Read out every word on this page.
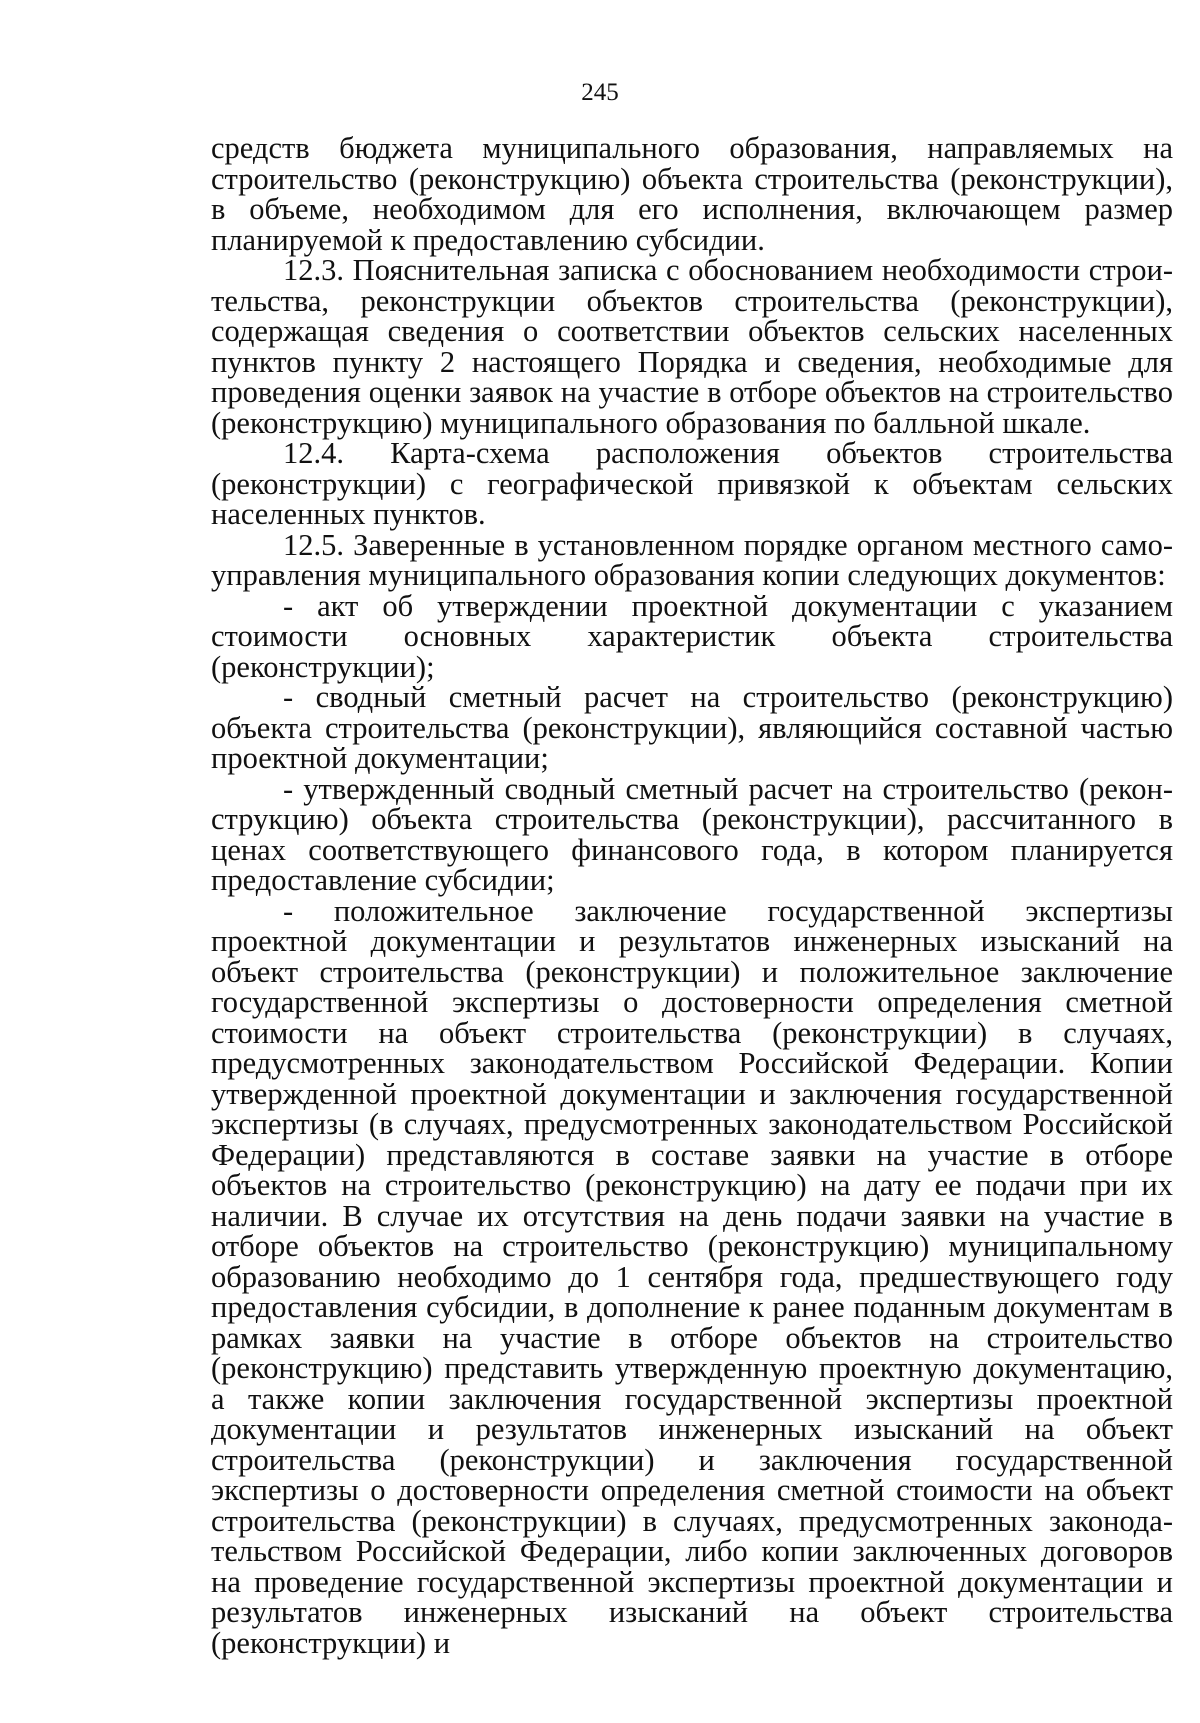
245

средств бюджета муниципального образования, направляемых на строительство (реконструкцию) объекта строительства (реконструкции), в объеме, необходимом для его исполнения, включающем размер планируемой к предоставлению субсидии.

12.3. Пояснительная записка с обоснованием необходимости строительства, реконструкции объектов строительства (реконструкции), содержащая сведения о соответствии объектов сельских населенных пунктов пункту 2 настоящего Порядка и сведения, необходимые для проведения оценки заявок на участие в отборе объектов на строительство (реконструкцию) муниципального образования по балльной шкале.

12.4. Карта-схема расположения объектов строительства (реконструкции) с географической привязкой к объектам сельских населенных пунктов.

12.5. Заверенные в установленном порядке органом местного самоуправления муниципального образования копии следующих документов:

- акт об утверждении проектной документации с указанием стоимости основных характеристик объекта строительства (реконструкции);

- сводный сметный расчет на строительство (реконструкцию) объекта строительства (реконструкции), являющийся составной частью проектной документации;

- утвержденный сводный сметный расчет на строительство (реконструкцию) объекта строительства (реконструкции), рассчитанного в ценах соответствующего финансового года, в котором планируется предоставление субсидии;

- положительное заключение государственной экспертизы проектной документации и результатов инженерных изысканий на объект строительства (реконструкции) и положительное заключение государственной экспертизы о достоверности определения сметной стоимости на объект строительства (реконструкции) в случаях, предусмотренных законодательством Российской Федерации. Копии утвержденной проектной документации и заключения государственной экспертизы (в случаях, предусмотренных законодательством Российской Федерации) представляются в составе заявки на участие в отборе объектов на строительство (реконструкцию) на дату ее подачи при их наличии. В случае их отсутствия на день подачи заявки на участие в отборе объектов на строительство (реконструкцию) муниципальному образованию необходимо до 1 сентября года, предшествующего году предоставления субсидии, в дополнение к ранее поданным документам в рамках заявки на участие в отборе объектов на строительство (реконструкцию) представить утвержденную проектную документацию, а также копии заключения государственной экспертизы проектной документации и результатов инженерных изысканий на объект строительства (реконструкции) и заключения государственной экспертизы о достоверности определения сметной стоимости на объект строительства (реконструкции) в случаях, предусмотренных законодательством Российской Федерации, либо копии заключенных договоров на проведение государственной экспертизы проектной документации и результатов инженерных изысканий на объект строительства (реконструкции) и
